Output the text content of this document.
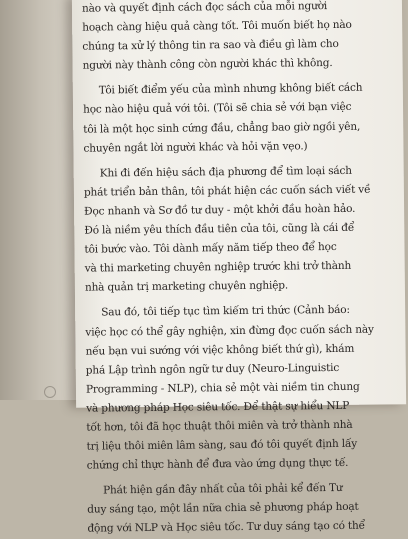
nào và quyết định cách đọc sách của mỗi người
hoạch càng hiệu quả càng tốt. Tôi muốn biết họ nào
chúng ta xử lý thông tin ra sao và điều gì làm cho
người này thành công còn người khác thì không.

Tôi biết điểm yếu của mình nhưng không biết cách
học nào hiệu quả với tôi. (Tôi sẽ chia sẻ với bạn việc
tôi là một học sinh cứng đầu, chẳng bao giờ ngồi yên,
chuyên ngắt lời người khác và hỏi vặn vẹo.)

Khi đi đến hiệu sách địa phương để tìm loại sách
phát triển bản thân, tôi phát hiện các cuốn sách viết về
Đọc nhanh và Sơ đồ tư duy - một khởi đầu hoàn hảo.
Đó là niềm yêu thích đầu tiên của tôi, cũng là cái để
tôi bước vào. Tôi dành mấy năm tiếp theo để học
và thi marketing chuyên nghiệp trước khi trở thành
nhà quản trị marketing chuyên nghiệp.

Sau đó, tôi tiếp tục tìm kiếm tri thức (Cảnh báo:
việc học có thể gây nghiện, xin đừng đọc cuốn sách này
nếu bạn vui sướng với việc không biết thứ gì), khám
phá Lập trình ngôn ngữ tư duy (Neuro-Linguistic
Programming - NLP), chia sẻ một vài niềm tin chung
và phương pháp Học siêu tốc. Để thật sự hiểu NLP
tốt hơn, tôi đã học thuật thôi miên và trở thành nhà
trị liệu thôi miên lâm sàng, sau đó tôi quyết định lấy
chứng chỉ thực hành để đưa vào ứng dụng thực tế.

Phát hiện gần đây nhất của tôi phải kể đến Tư
duy sáng tạo, một lần nữa chia sẻ phương pháp hoạt
động với NLP và Học siêu tốc. Tư duy sáng tạo có thể
